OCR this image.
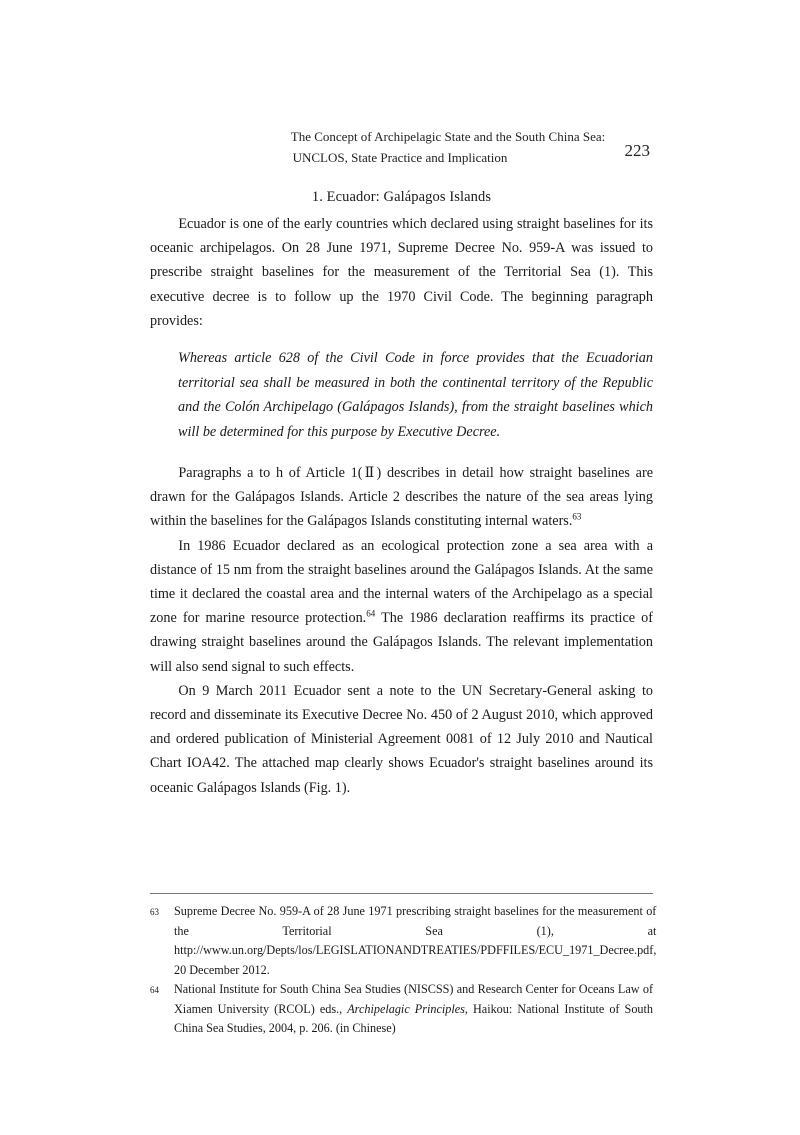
The Concept of Archipelagic State and the South China Sea:
UNCLOS, State Practice and Implication	223
1. Ecuador: Galápagos Islands

Ecuador is one of the early countries which declared using straight baselines for its oceanic archipelagos. On 28 June 1971, Supreme Decree No. 959-A was issued to prescribe straight baselines for the measurement of the Territorial Sea (1). This executive decree is to follow up the 1970 Civil Code. The beginning paragraph provides:

Whereas article 628 of the Civil Code in force provides that the Ecuadorian territorial sea shall be measured in both the continental territory of the Republic and the Colón Archipelago (Galápagos Islands), from the straight baselines which will be determined for this purpose by Executive Decree.

Paragraphs a to h of Article 1(Ⅱ) describes in detail how straight baselines are drawn for the Galápagos Islands. Article 2 describes the nature of the sea areas lying within the baselines for the Galápagos Islands constituting internal waters.$^{63}$

In 1986 Ecuador declared as an ecological protection zone a sea area with a distance of 15 nm from the straight baselines around the Galápagos Islands. At the same time it declared the coastal area and the internal waters of the Archipelago as a special zone for marine resource protection.$^{64}$ The 1986 declaration reaffirms its practice of drawing straight baselines around the Galápagos Islands. The relevant implementation will also send signal to such effects.

On 9 March 2011 Ecuador sent a note to the UN Secretary-General asking to record and disseminate its Executive Decree No. 450 of 2 August 2010, which approved and ordered publication of Ministerial Agreement 0081 of 12 July 2010 and Nautical Chart IOA42. The attached map clearly shows Ecuador's straight baselines around its oceanic Galápagos Islands (Fig. 1).

63	Supreme Decree No. 959-A of 28 June 1971 prescribing straight baselines for the measurement of the Territorial Sea (1), at http://www.un.org/Depts/los/LEGISLATIONANDTREATIES/PDFFILES/ECU_1971_Decree.pdf, 20 December 2012.
64	National Institute for South China Sea Studies (NISCSS) and Research Center for Oceans Law of Xiamen University (RCOL) eds., Archipelagic Principles, Haikou: National Institute of South China Sea Studies, 2004, p. 206. (in Chinese)
